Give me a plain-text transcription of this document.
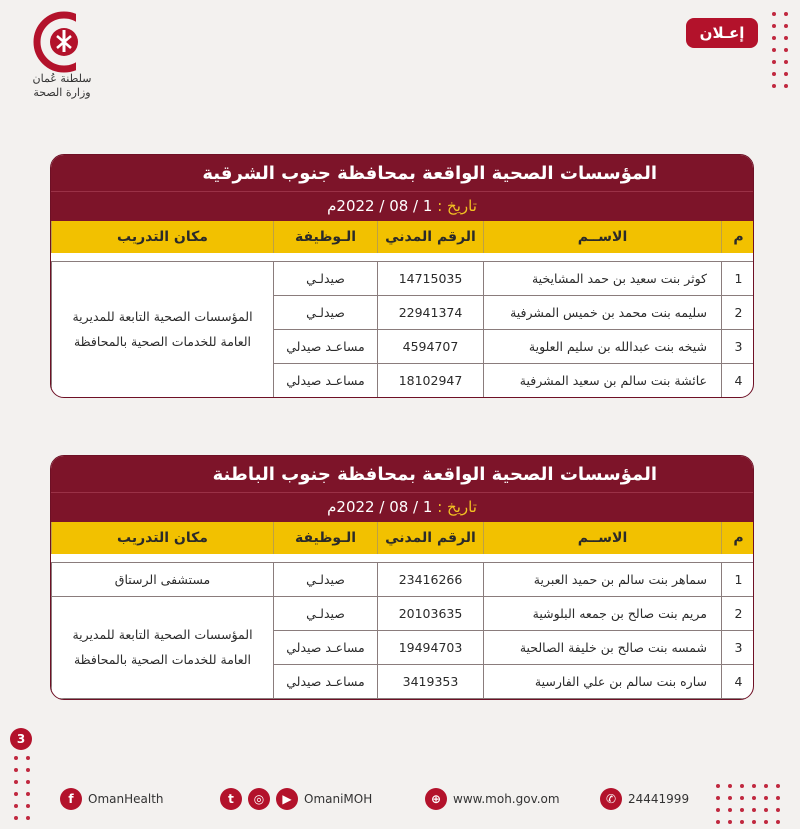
سلطنة عُمان
وزارة الصحة
إعـلان
3
المؤسسات الصحية الواقعة بمحافظة جنوب الشرقية
تاريخ : 1 / 08 / 2022م
م	الاســم	الرقم المدني	الـوظيفة	مكان التدريب

1	كوثر بنت سعيد بن حمد المشايخية	14715035	صيدلـي	المؤسسات الصحية التابعة للمديرية العامة للخدمات الصحية بالمحافظة
2	سليمه بنت محمد بن خميس المشرفية	22941374	صيدلـي	
3	شيخه بنت عبدالله بن سليم العلوية	4594707	مساعـد صيدلي	
4	عائشة بنت سالم بن سعيد المشرفية	18102947	مساعـد صيدلي	
المؤسسات الصحية الواقعة بمحافظة جنوب الباطنة
تاريخ : 1 / 08 / 2022م
م	الاســم	الرقم المدني	الـوظيفة	مكان التدريب

1	سماهر بنت سالم بن حميد العبرية	23416266	صيدلـي	مستشفى الرستاق
2	مريم بنت صالح بن جمعه البلوشية	20103635	صيدلـي	المؤسسات الصحية التابعة للمديرية العامة للخدمات الصحية بالمحافظة
3	شمسه بنت صالح بن خليفة الصالحية	19494703	مساعـد صيدلي	
4	ساره بنت سالم بن علي الفارسية	3419353	مساعـد صيدلي	
f	OmanHealth	t	◎	▶	OmaniMOH	⊕ www.moh.gov.om	✆ 24441999
